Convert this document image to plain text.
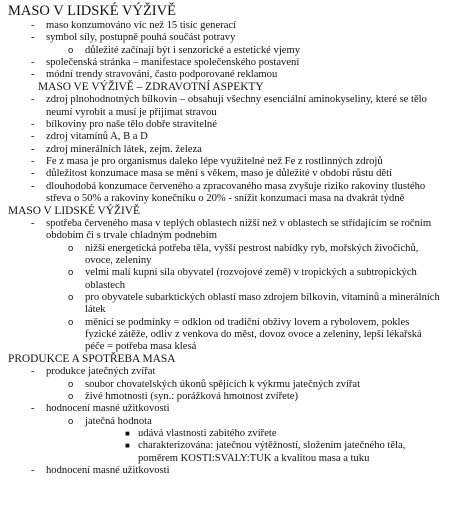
MASO V LIDSKÉ VÝŽIVĚ
- maso konzumováno víc než 15 tisíc generací
- symbol síly, postupně pouhá součást potravy
o důležité začínají být i senzorické a estetické vjemy
- společenská stránka – manifestace společenského postavení
- módní trendy stravování, často podporované reklamou
MASO VE VÝŽIVĚ – ZDRAVOTNÍ ASPEKTY
- zdroj plnohodnotných bílkovin – obsahují všechny esenciální aminokyseliny, které se tělo neumí vyrobit a musí je přijímat stravou
- bílkoviny pro naše tělo dobře stravitelné
- zdroj vitamínů A, B a D
- zdroj minerálních látek, zejm. železa
- Fe z masa je pro organismus daleko lépe využitelné než Fe z rostlinných zdrojů
- důležitost konzumace masa se mění s věkem, maso je důležité v období růstu dětí
- dlouhodobá konzumace červeného a zpracovaného masa zvyšuje riziko rakoviny tlustého střeva o 50% a rakoviny konečníku o 20% - snížit konzumaci masa na dvakrát týdně
MASO V LIDSKÉ VÝŽIVĚ
- spotřeba červeného masa v teplých oblastech nižší než v oblastech se střídajícím se ročním obdobím či s trvale chladným podnebím
o nižší energetická potřeba těla, vyšší pestrost nabídky ryb, mořských živočichů, ovoce, zeleniny
o velmi malí kupní síla obyvatel (rozvojové země) v tropických a subtropických oblastech
o pro obyvatele subarktických oblastí maso zdrojem bílkovin, vitamínů a minerálních látek
o měnící se podmínky = odklon od tradiční obživy lovem a rybolovem, pokles fyzické zátěže, odliv z venkova do měst, dovoz ovoce a zeleniny, lepší lékařská péče = potřeba masa klesá
PRODUKCE A SPOTŘEBA MASA
- produkce jatečných zvířat
o soubor chovatelských úkonů spějících k výkrmu jatečných zvířat
o živé hmotnosti (syn.: porážková hmotnost zvířete)
- hodnocení masné užitkovosti
o jatečná hodnota
■ udává vlastnosti zabitého zvířete
■ charakterizována: jatečnou výtěžností, složením jatečného těla, poměrem KOSTI:SVALY:TUK a kvalitou masa a tuku
- hodnocení masné užitkovosti
